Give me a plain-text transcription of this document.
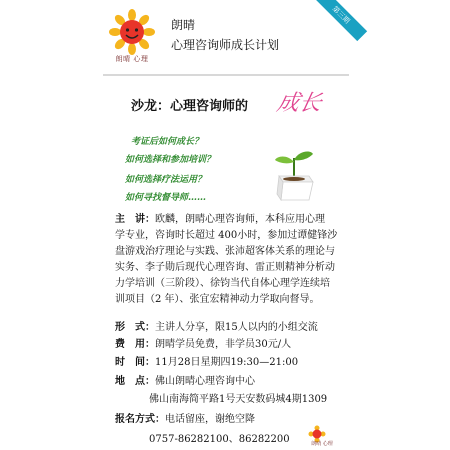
朗晴 心理
朗晴
心理咨询师成长计划
第三期
沙龙：心理咨询师的 成长
考证后如何成长？
如何选择和参加培训？
如何选择疗法运用？
如何寻找督导师……
主　讲：欧麟，朗晴心理咨询师，本科应用心理
学专业，咨询时长超过 400小时，参加过谭健锋沙
盘游戏治疗理论与实践、张沛超客体关系的理论与
实务、李子勋后现代心理咨询、雷正则精神分析动
力学培训（三阶段）、徐钧当代自体心理学连续培
训项目（2 年）、张宜宏精神动力学取向督导。
形　式：主讲人分享，限15人以内的小组交流
费　用：朗晴学员免费，非学员30元/人
时　间：11月28日星期四19:30—21:00
地　点：佛山朗晴心理咨询中心
佛山南海简平路1号天安数码城4期1309
报名方式：电话留座，谢绝空降
0757-86282100、86282200	朗晴 心理
